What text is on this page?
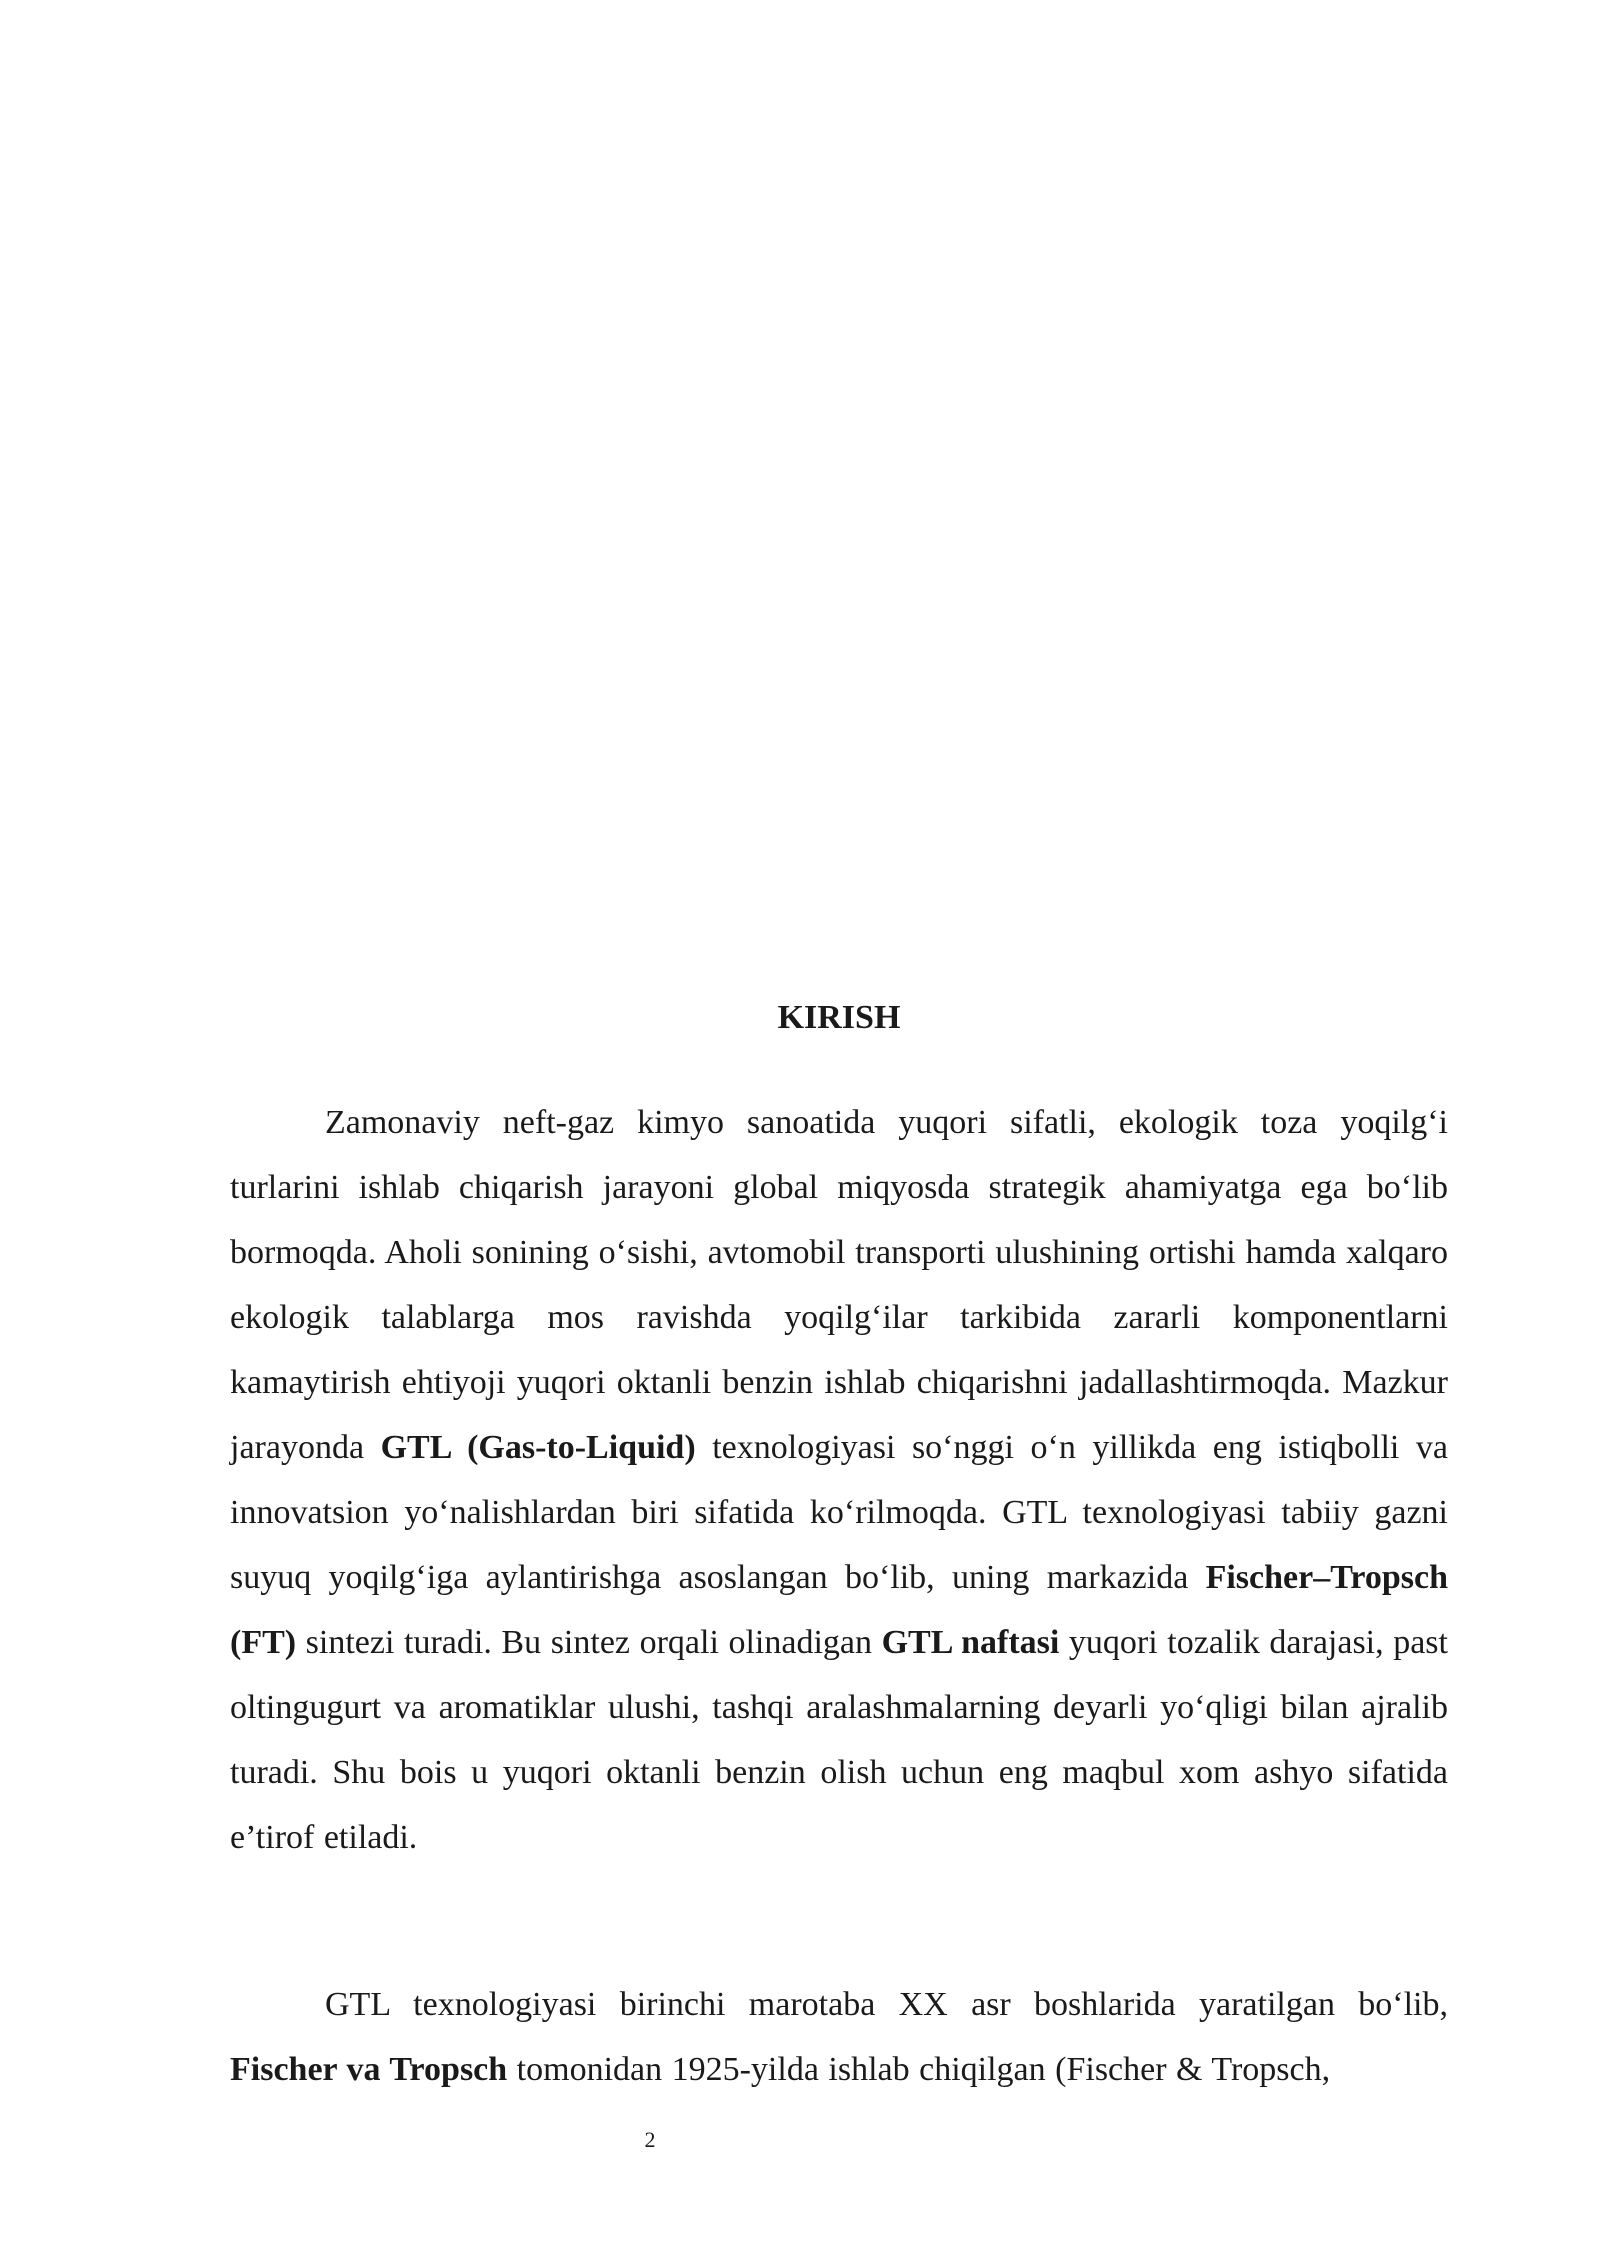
KIRISH

Zamonaviy neft-gaz kimyo sanoatida yuqori sifatli, ekologik toza yoqilg‘i turlarini ishlab chiqarish jarayoni global miqyosda strategik ahamiyatga ega bo‘lib bormoqda. Aholi sonining o‘sishi, avtomobil transporti ulushining ortishi hamda xalqaro ekologik talablarga mos ravishda yoqilg‘ilar tarkibida zararli komponentlarni kamaytirish ehtiyoji yuqori oktanli benzin ishlab chiqarishni jadallashtirmoqda. Mazkur jarayonda GTL (Gas-to-Liquid) texnologiyasi so‘nggi o‘n yillikda eng istiqbolli va innovatsion yo‘nalishlardan biri sifatida ko‘rilmoqda. GTL texnologiyasi tabiiy gazni suyuq yoqilg‘iga aylantirishga asoslangan bo‘lib, uning markazida Fischer–Tropsch (FT) sintezi turadi. Bu sintez orqali olinadigan GTL naftasi yuqori tozalik darajasi, past oltingugurt va aromatiklar ulushi, tashqi aralashmalarning deyarli yo‘qligi bilan ajralib turadi. Shu bois u yuqori oktanli benzin olish uchun eng maqbul xom ashyo sifatida e’tirof etiladi.

GTL texnologiyasi birinchi marotaba XX asr boshlarida yaratilgan bo‘lib, Fischer va Tropsch tomonidan 1925-yilda ishlab chiqilgan (Fischer & Tropsch,

2
